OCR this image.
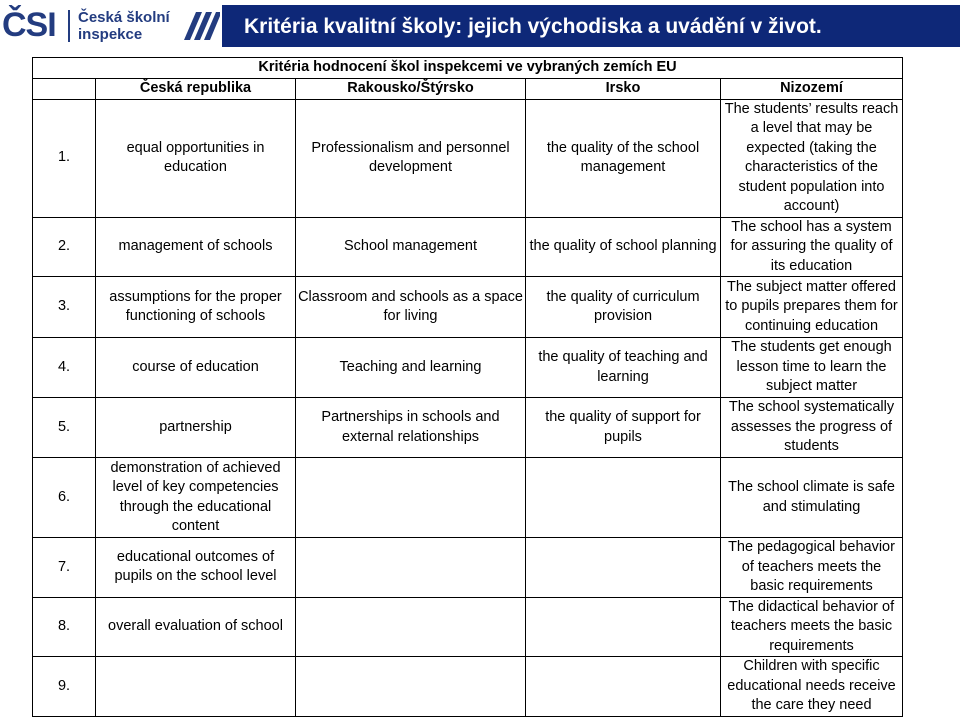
ČSI Česká školní
inspekce	Kritéria kvalitní školy: jejich východiska a uvádění v život.
Kritéria hodnocení škol inspekcemi ve vybraných zemích EU				
	Česká republika	Rakousko/Štýrsko	Irsko	Nizozemí
1.	equal opportunities in education	Professionalism and personnel development	the quality of the school management	The students’ results reach a level that may be expected (taking the characteristics of the student population into account)
2.	management of schools	School management	the quality of school planning	The school has a system for assuring the quality of its education
3.	assumptions for the proper functioning of schools	Classroom and schools as a space for living	the quality of curriculum provision	The subject matter offered to pupils prepares them for continuing education
4.	course of education	Teaching and learning	the quality of teaching and learning	The students get enough lesson time to learn the subject matter
5.	partnership	Partnerships in schools and external relationships	the quality of support for pupils	The school systematically assesses the progress of students
6.	demonstration of achieved level of key competencies through the educational content			The school climate is safe and stimulating
7.	educational outcomes of pupils on the school level			The pedagogical behavior of teachers meets the basic requirements
8.	overall evaluation of school			The didactical behavior of teachers meets the basic requirements
9.				Children with specific educational needs receive the care they need
